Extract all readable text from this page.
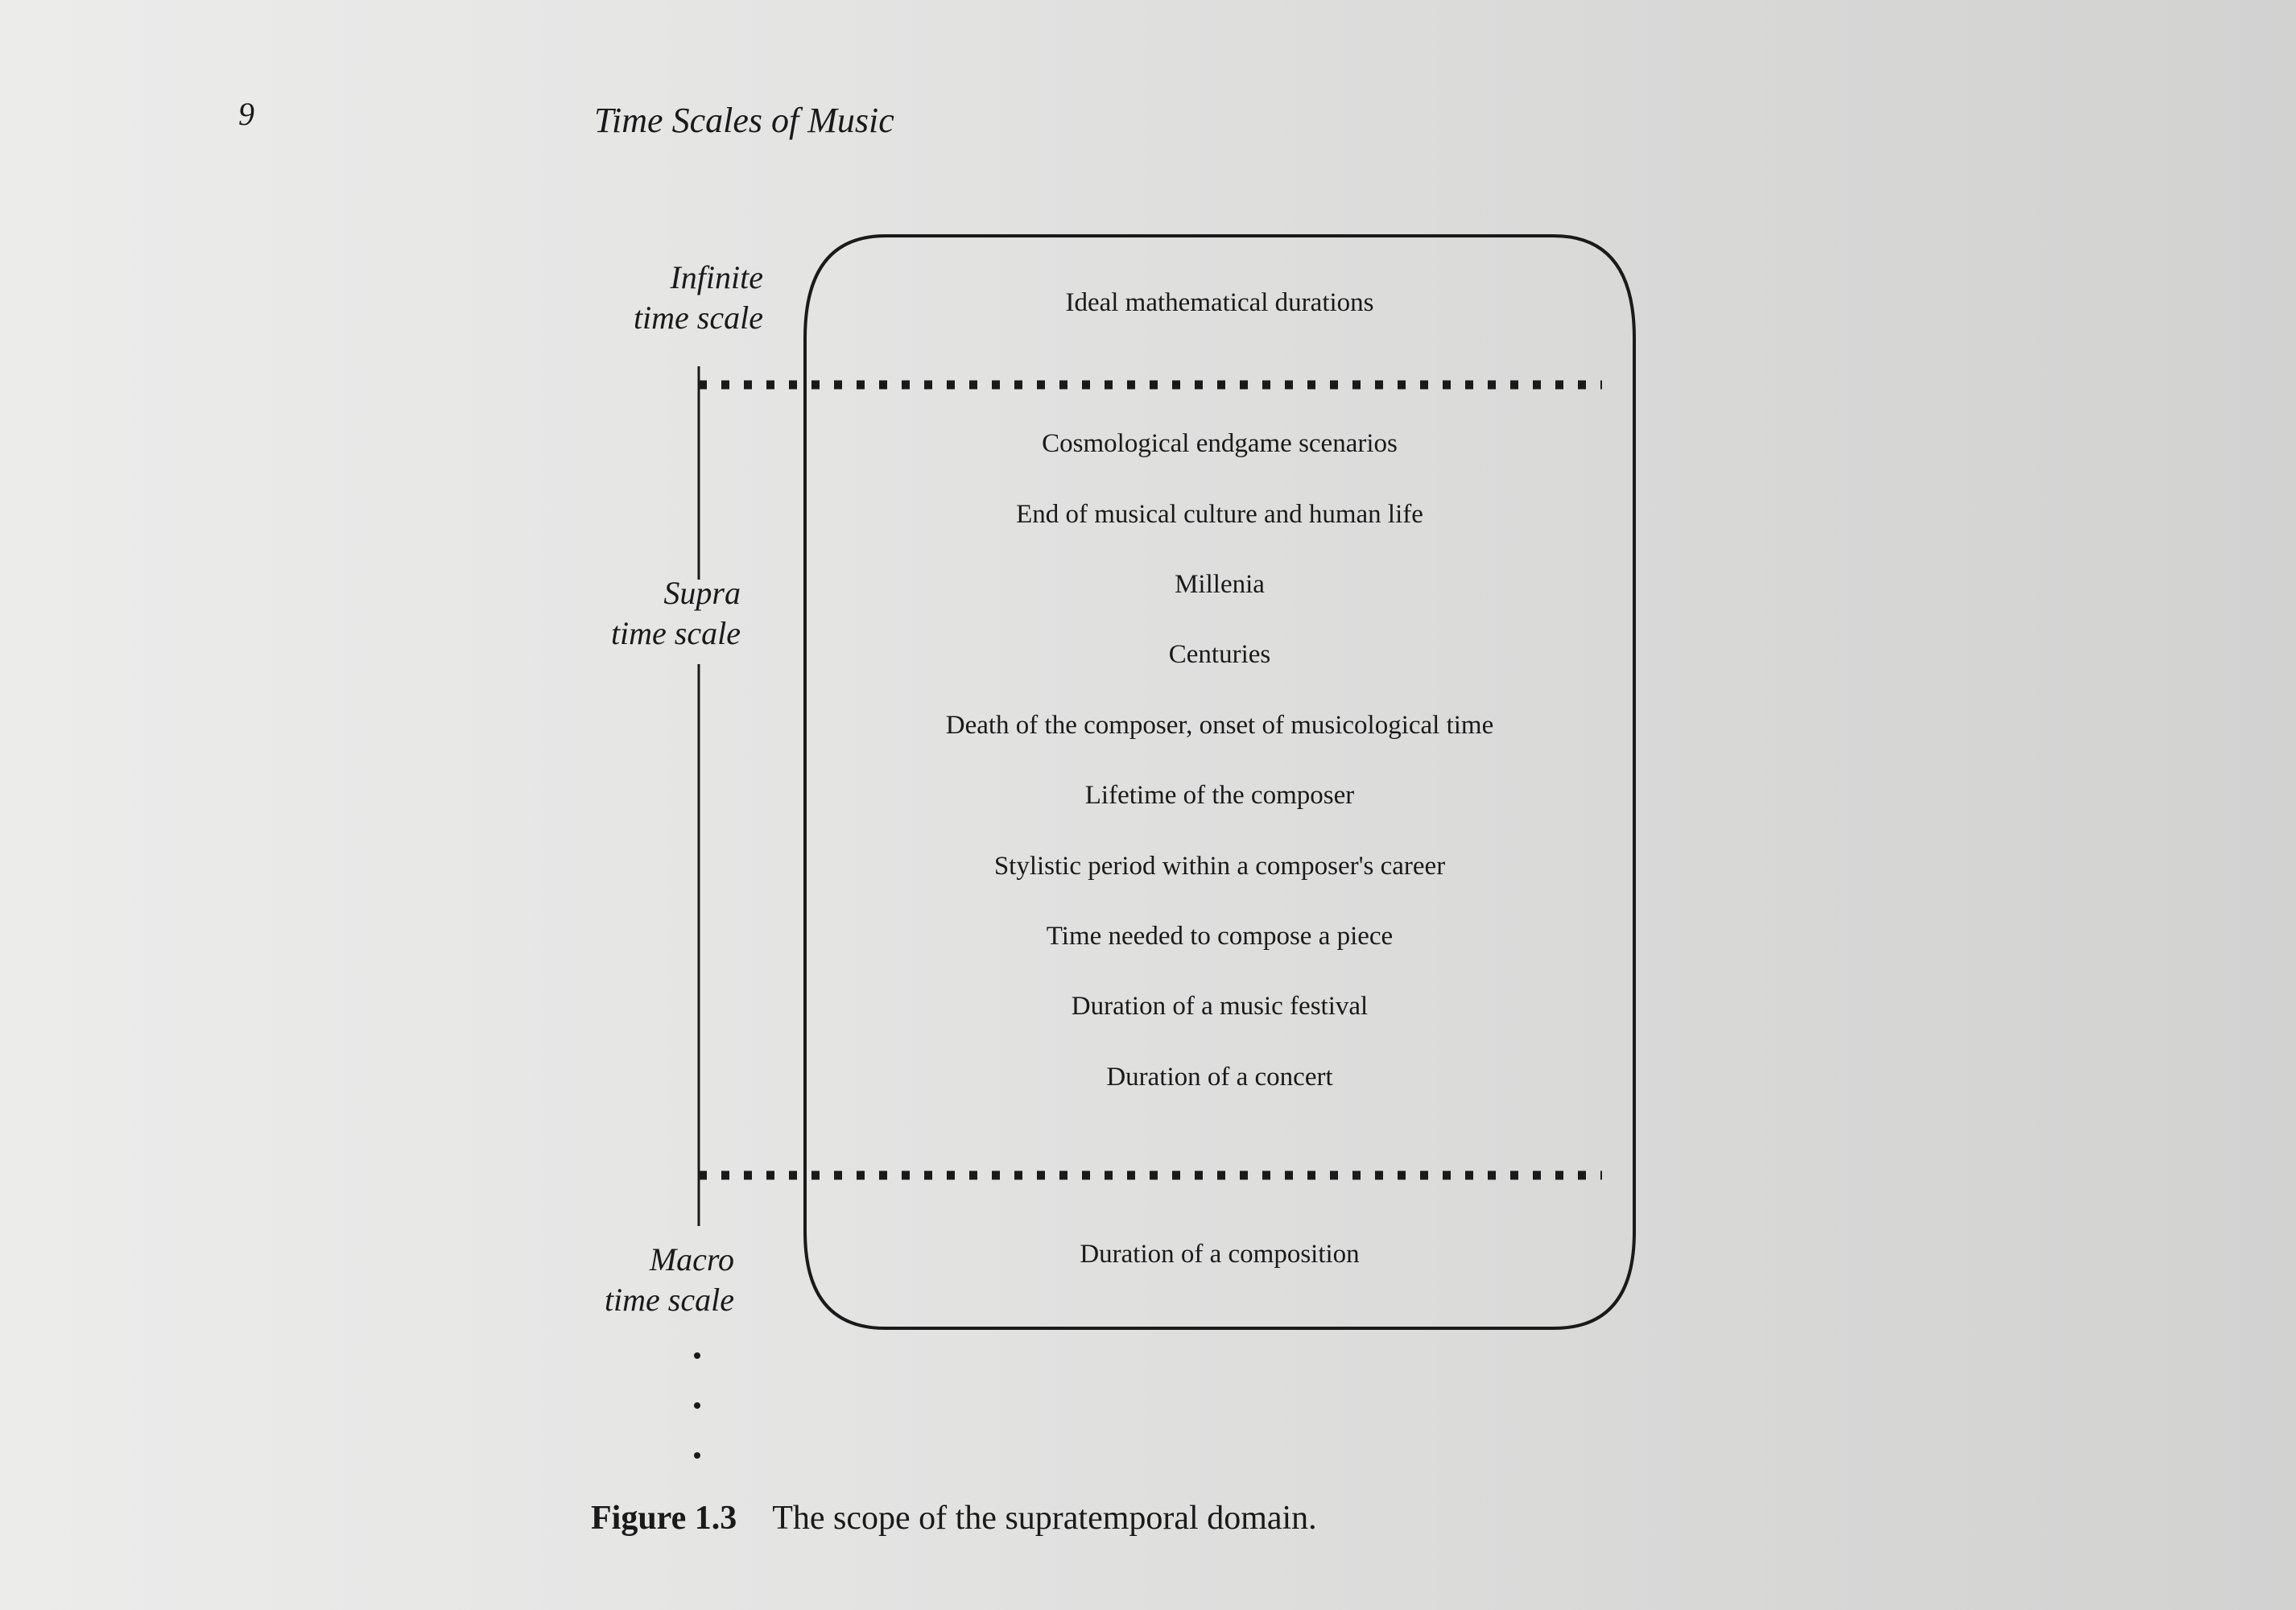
9	Time Scales of Music
Infinite
time scale
Supra
time scale
Macro
time scale
Ideal mathematical durations
Cosmological endgame scenarios
End of musical culture and human life
Millenia
Centuries
Death of the composer, onset of musicological time
Lifetime of the composer
Stylistic period within a composer's career
Time needed to compose a piece
Duration of a music festival
Duration of a concert
Duration of a composition
Figure 1.3 The scope of the supratemporal domain.
